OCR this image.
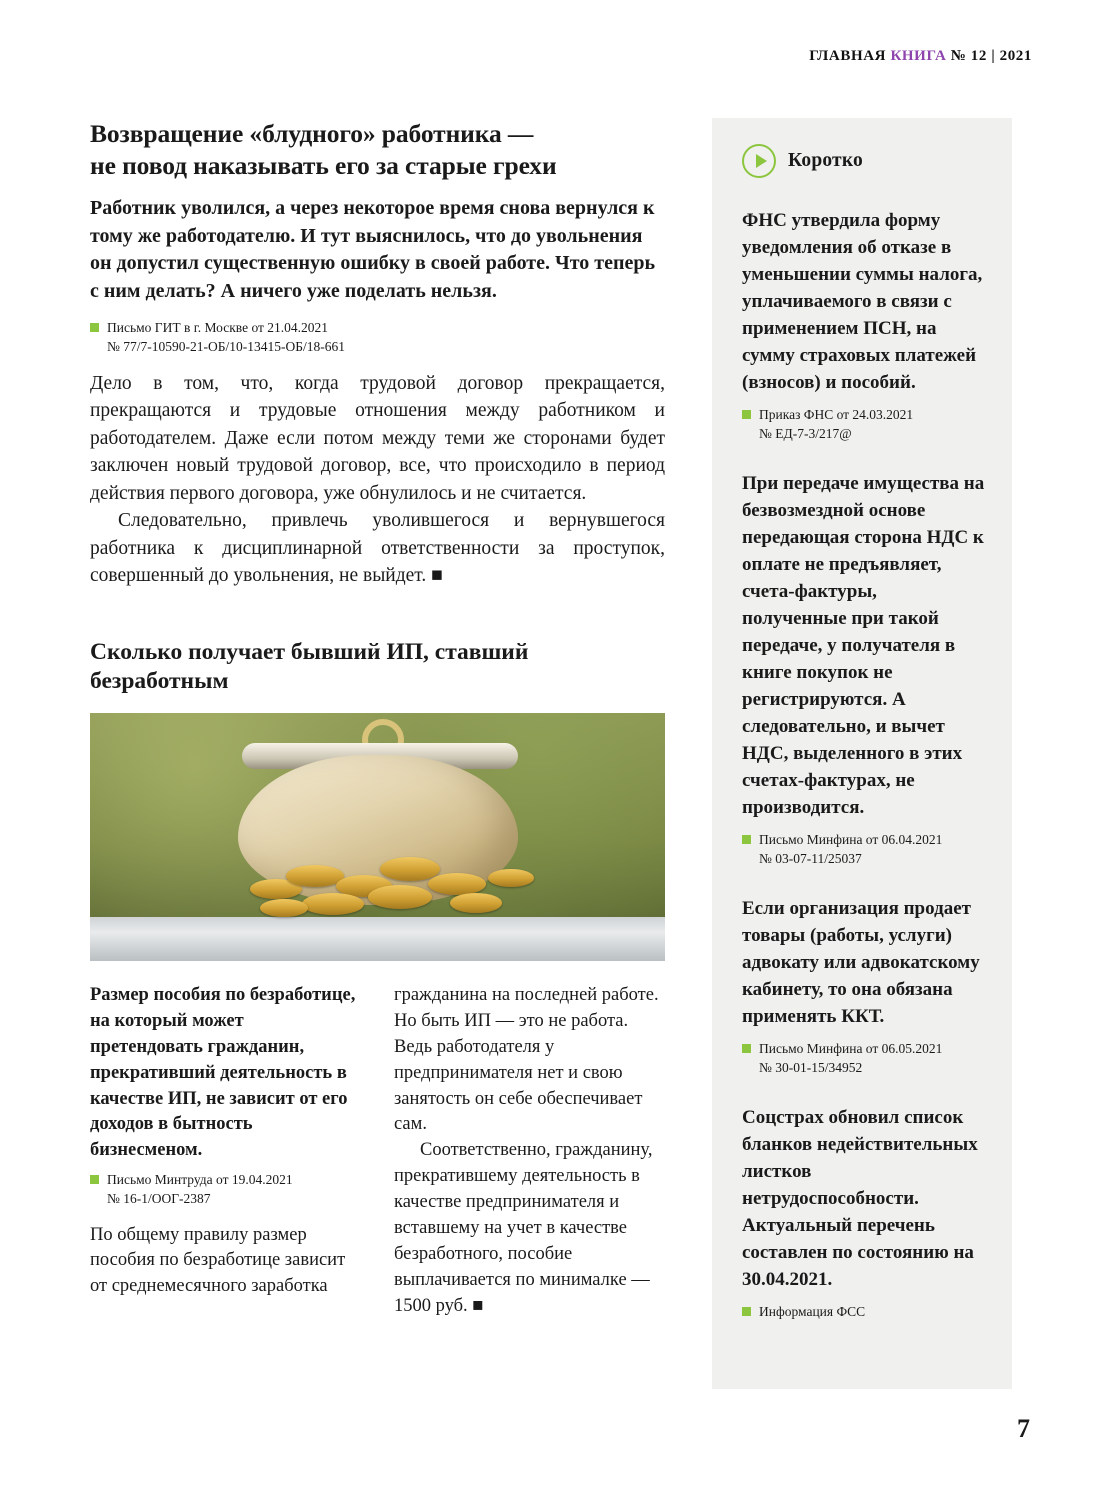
ГЛАВНАЯ КНИГА № 12 | 2021
Возвращение «блудного» работника —
не повод наказывать его за старые грехи

Работник уволился, а через некоторое время снова вернулся к тому же работодателю. И тут выяснилось, что до увольнения он допустил существенную ошибку в своей работе. Что теперь с ним делать? А ничего уже поделать нельзя.

Письмо ГИТ в г. Москве от 21.04.2021
№ 77/7-10590-21-ОБ/10-13415-ОБ/18-661

Дело в том, что, когда трудовой договор прекращается, прекращаются и трудовые отношения между работником и работодателем. Даже если потом между теми же сторонами будет заключен новый трудовой договор, все, что происходило в период действия первого договора, уже обнулилось и не считается.

Следовательно, привлечь уволившегося и вернувшегося работника к дисциплинарной ответственности за проступок, совершенный до увольнения, не выйдет. ■

Сколько получает бывший ИП, ставший
безработным

Размер пособия по безработице, на который может претендовать гражданин, прекративший деятельность в качестве ИП, не зависит от его доходов в бытность бизнесменом.

Письмо Минтруда от 19.04.2021
№ 16-1/ООГ-2387

По общему правилу размер пособия по безработице зависит от среднемесячного заработка

гражданина на последней работе. Но быть ИП — это не работа. Ведь работодателя у предпринимателя нет и свою занятость он себе обеспечивает сам.

Соответственно, гражданину, прекратившему деятельность в качестве предпринимателя и вставшему на учет в качестве безработного, пособие выплачивается по минималке — 1500 руб. ■

Коротко

ФНС утвердила форму уведомления об отказе в уменьшении суммы налога, уплачиваемого в связи с применением ПСН, на сумму страховых платежей (взносов) и пособий.

Приказ ФНС от 24.03.2021
№ ЕД-7-3/217@

При передаче имущества на безвозмездной основе передающая сторона НДС к оплате не предъявляет, счета-фактуры, полученные при такой передаче, у получателя в книге покупок не регистрируются. А следовательно, и вычет НДС, выделенного в этих счетах-фактурах, не производится.

Письмо Минфина от 06.04.2021
№ 03-07-11/25037

Если организация продает товары (работы, услуги) адвокату или адвокатскому кабинету, то она обязана применять ККТ.

Письмо Минфина от 06.05.2021
№ 30-01-15/34952

Соцстрах обновил список бланков недействительных листков нетрудоспособности. Актуальный перечень составлен по состоянию на 30.04.2021.

Информация ФСС
7
